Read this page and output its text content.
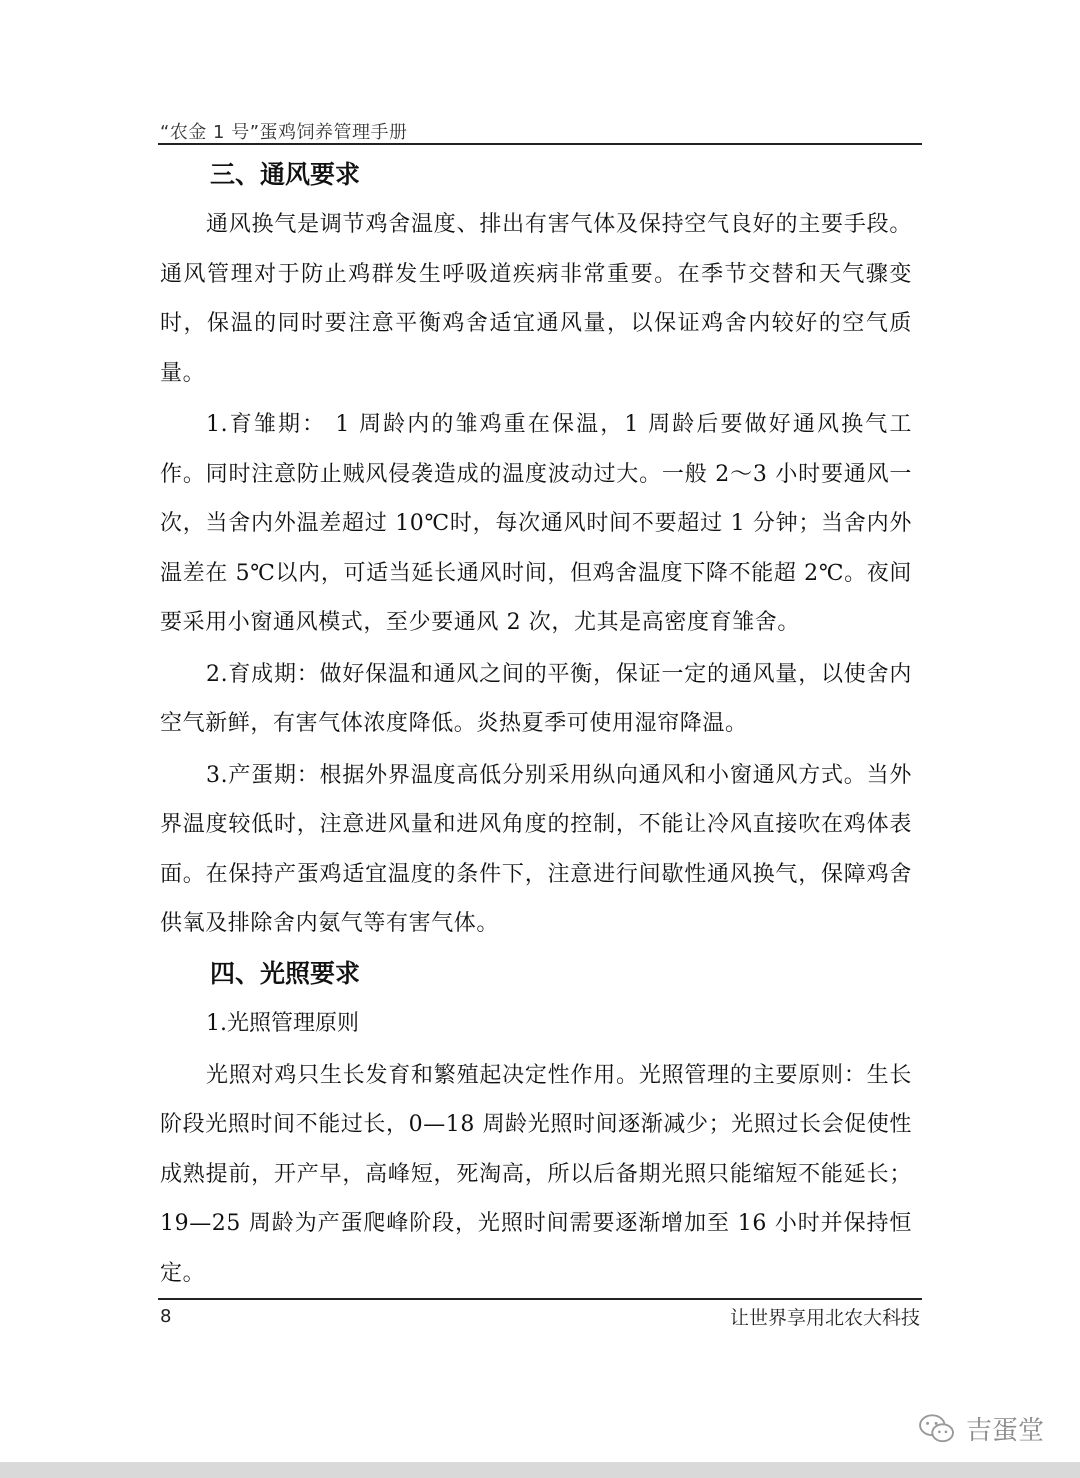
“农金 1 号”蛋鸡饲养管理手册
三、通风要求

通风换气是调节鸡舍温度、排出有害气体及保持空气良好的主要手段。通风管理对于防止鸡群发生呼吸道疾病非常重要。在季节交替和天气骤变时，保温的同时要注意平衡鸡舍适宜通风量，以保证鸡舍内较好的空气质量。

1.育雏期： 1 周龄内的雏鸡重在保温，1 周龄后要做好通风换气工作。同时注意防止贼风侵袭造成的温度波动过大。一般 2～3 小时要通风一次，当舍内外温差超过 10℃时，每次通风时间不要超过 1 分钟；当舍内外温差在 5℃以内，可适当延长通风时间，但鸡舍温度下降不能超 2℃。夜间要采用小窗通风模式，至少要通风 2 次，尤其是高密度育雏舍。

2.育成期：做好保温和通风之间的平衡，保证一定的通风量，以使舍内空气新鲜，有害气体浓度降低。炎热夏季可使用湿帘降温。

3.产蛋期：根据外界温度高低分别采用纵向通风和小窗通风方式。当外界温度较低时，注意进风量和进风角度的控制，不能让冷风直接吹在鸡体表面。在保持产蛋鸡适宜温度的条件下，注意进行间歇性通风换气，保障鸡舍供氧及排除舍内氨气等有害气体。

四、光照要求
1.光照管理原则

光照对鸡只生长发育和繁殖起决定性作用。光照管理的主要原则：生长阶段光照时间不能过长，0—18 周龄光照时间逐渐减少；光照过长会促使性成熟提前，开产早，高峰短，死淘高，所以后备期光照只能缩短不能延长；19—25 周龄为产蛋爬峰阶段，光照时间需要逐渐增加至 16 小时并保持恒定。

8	让世界享用北农大科技
吉蛋堂
